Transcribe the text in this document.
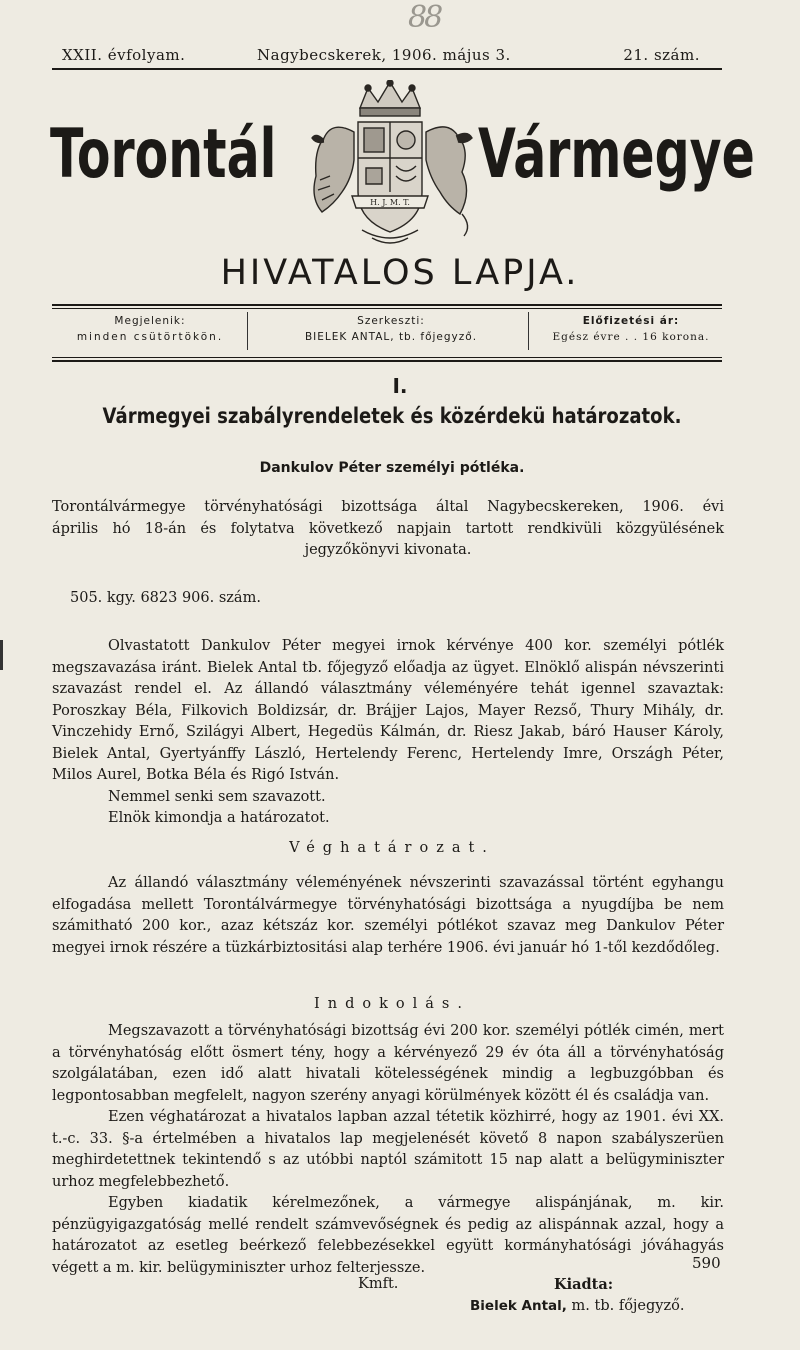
88
XXII. évfolyam.	Nagybecskerek, 1906. május 3.	21. szám.
Torontál
H. J. M. T.
Vármegye
HIVATALOS LAPJA.
Megjelenik:
minden csütörtökön.
Szerkeszti:
BIELEK ANTAL, tb. főjegyző.
Előfizetési ár:
Egész évre . . 16 korona.
I.
Vármegyei szabályrendeletek és közérdekü határozatok.
Dankulov Péter személyi pótléka.

Torontálvármegye törvényhatósági bizottsága által Nagybecskereken, 1906. évi

április hó 18-án és folytatva következő napjain tartott rendkivüli közgyülésének

jegyzőkönyvi kivonata.

505. kgy. 6823 906. szám.

Olvastatott Dankulov Péter megyei irnok kérvénye 400 kor. személyi pótlék megszavazása iránt. Bielek Antal tb. főjegyző előadja az ügyet. Elnöklő alispán névszerinti szavazást rendel el. Az állandó választmány véleményére tehát igennel szavaztak: Poroszkay Béla, Filkovich Boldizsár, dr. Brájjer Lajos, Mayer Rezső, Thury Mihály, dr. Vinczehidy Ernő, Szilágyi Albert, Hegedüs Kálmán, dr. Riesz Jakab, báró Hauser Károly, Bielek Antal, Gyertyánffy László, Hertelendy Ferenc, Hertelendy Imre, Országh Péter, Milos Aurel, Botka Béla és Rigó István.

Nemmel senki sem szavazott.

Elnök kimondja a határozatot.

Véghatározat.

Az állandó választmány véleményének névszerinti szavazással történt egyhangu elfogadása mellett Torontálvármegye törvényhatósági bizottsága a nyugdíjba be nem számitható 200 kor., azaz kétszáz kor. személyi pótlékot szavaz meg Dankulov Péter megyei irnok részére a tüzkárbiztositási alap terhére 1906. évi január hó 1-től kezdődőleg.

Indokolás.

Megszavazott a törvényhatósági bizottság évi 200 kor. személyi pótlék cimén, mert a törvényhatóság előtt ösmert tény, hogy a kérvényező 29 év óta áll a törvényhatóság szolgálatában, ezen idő alatt hivatali kötelességének mindig a legbuzgóbban és legpontosabban megfelelt, nagyon szerény anyagi körülmények között él és családja van.

Ezen véghatározat a hivatalos lapban azzal tétetik közhirré, hogy az 1901. évi XX. t.-c. 33. §-a értelmében a hivatalos lap megjelenését követő 8 napon szabályszerüen meghirdetettnek tekintendő s az utóbbi naptól számitott 15 nap alatt a belügyminiszter urhoz megfelebbezhető.

Egyben kiadatik kérelmezőnek, a vármegye alispánjának, m. kir. pénzügyigazgatóság mellé rendelt számvevőségnek és pedig az alispánnak azzal, hogy a határozatot az esetleg beérkező felebbezésekkel együtt kormányhatósági jóváhagyás végett a m. kir. belügyminiszter urhoz felterjessze.	590
Kmft.	Kiadta:
Bielek Antal, m. tb. főjegyző.
